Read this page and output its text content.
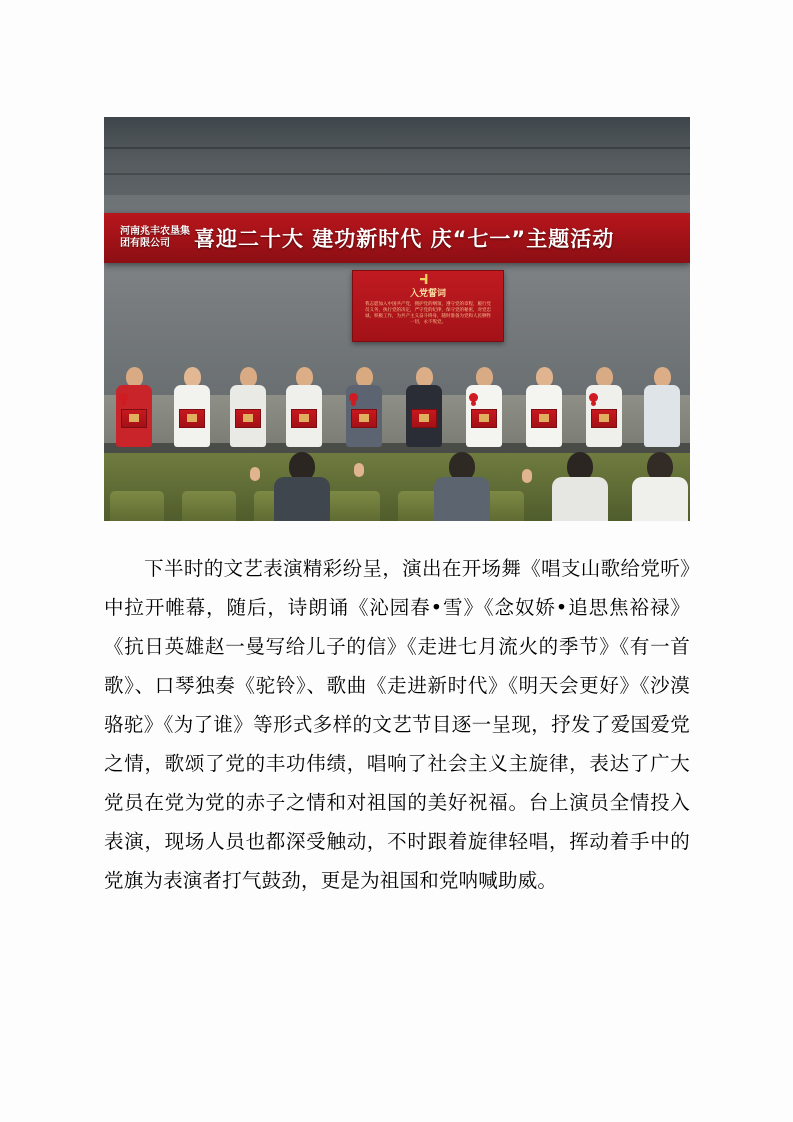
河南兆丰农垦集团有限公司	喜迎二十大 建功新时代 庆“七一”主题活动
入党誓词
我志愿加入中国共产党，拥护党的纲领，遵守党的章程，履行党员义务，执行党的决定，严守党的纪律，保守党的秘密，对党忠诚，积极工作，为共产主义奋斗终身，随时准备为党和人民牺牲一切，永不叛党。

下半时的文艺表演精彩纷呈，演出在开场舞《唱支山歌给党听》中拉开帷幕，随后，诗朗诵《沁园春•雪》《念奴娇•追思焦裕禄》《抗日英雄赵一曼写给儿子的信》《走进七月流火的季节》《有一首歌》、口琴独奏《驼铃》、歌曲《走进新时代》《明天会更好》《沙漠骆驼》《为了谁》等形式多样的文艺节目逐一呈现，抒发了爱国爱党之情，歌颂了党的丰功伟绩，唱响了社会主义主旋律，表达了广大党员在党为党的赤子之情和对祖国的美好祝福。台上演员全情投入表演，现场人员也都深受触动，不时跟着旋律轻唱，挥动着手中的党旗为表演者打气鼓劲，更是为祖国和党呐喊助威。
